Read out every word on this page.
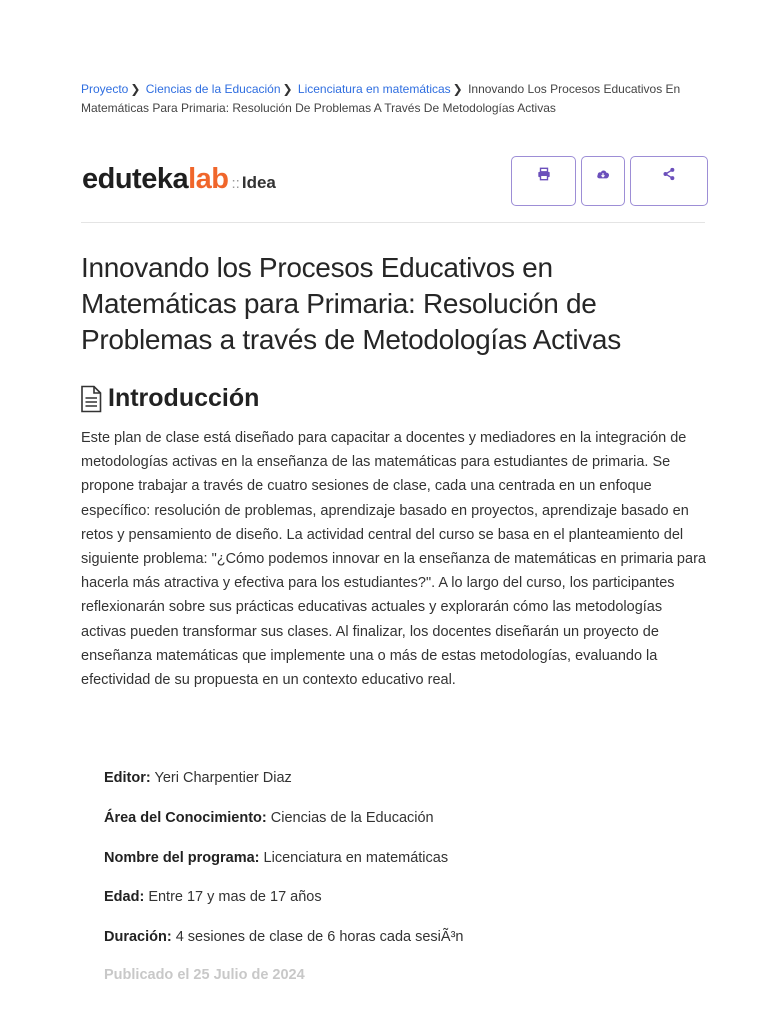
Proyecto ❯ Ciencias de la Educación ❯ Licenciatura en matemáticas ❯ Innovando Los Procesos Educativos En Matemáticas Para Primaria: Resolución De Problemas A Través De Metodologías Activas
eduteka lab :: Idea
Innovando los Procesos Educativos en Matemáticas para Primaria: Resolución de Problemas a través de Metodologías Activas
Introducción

Este plan de clase está diseñado para capacitar a docentes y mediadores en la integración de metodologías activas en la enseñanza de las matemáticas para estudiantes de primaria. Se propone trabajar a través de cuatro sesiones de clase, cada una centrada en un enfoque específico: resolución de problemas, aprendizaje basado en proyectos, aprendizaje basado en retos y pensamiento de diseño. La actividad central del curso se basa en el planteamiento del siguiente problema: "¿Cómo podemos innovar en la enseñanza de matemáticas en primaria para hacerla más atractiva y efectiva para los estudiantes?". A lo largo del curso, los participantes reflexionarán sobre sus prácticas educativas actuales y explorarán cómo las metodologías activas pueden transformar sus clases. Al finalizar, los docentes diseñarán un proyecto de enseñanza matemáticas que implemente una o más de estas metodologías, evaluando la efectividad de su propuesta en un contexto educativo real.

Editor: Yeri Charpentier Diaz
Área del Conocimiento: Ciencias de la Educación
Nombre del programa: Licenciatura en matemáticas
Edad: Entre 17 y mas de 17 años
Duración: 4 sesiones de clase de 6 horas cada sesiÃ³n
Publicado el 25 Julio de 2024
